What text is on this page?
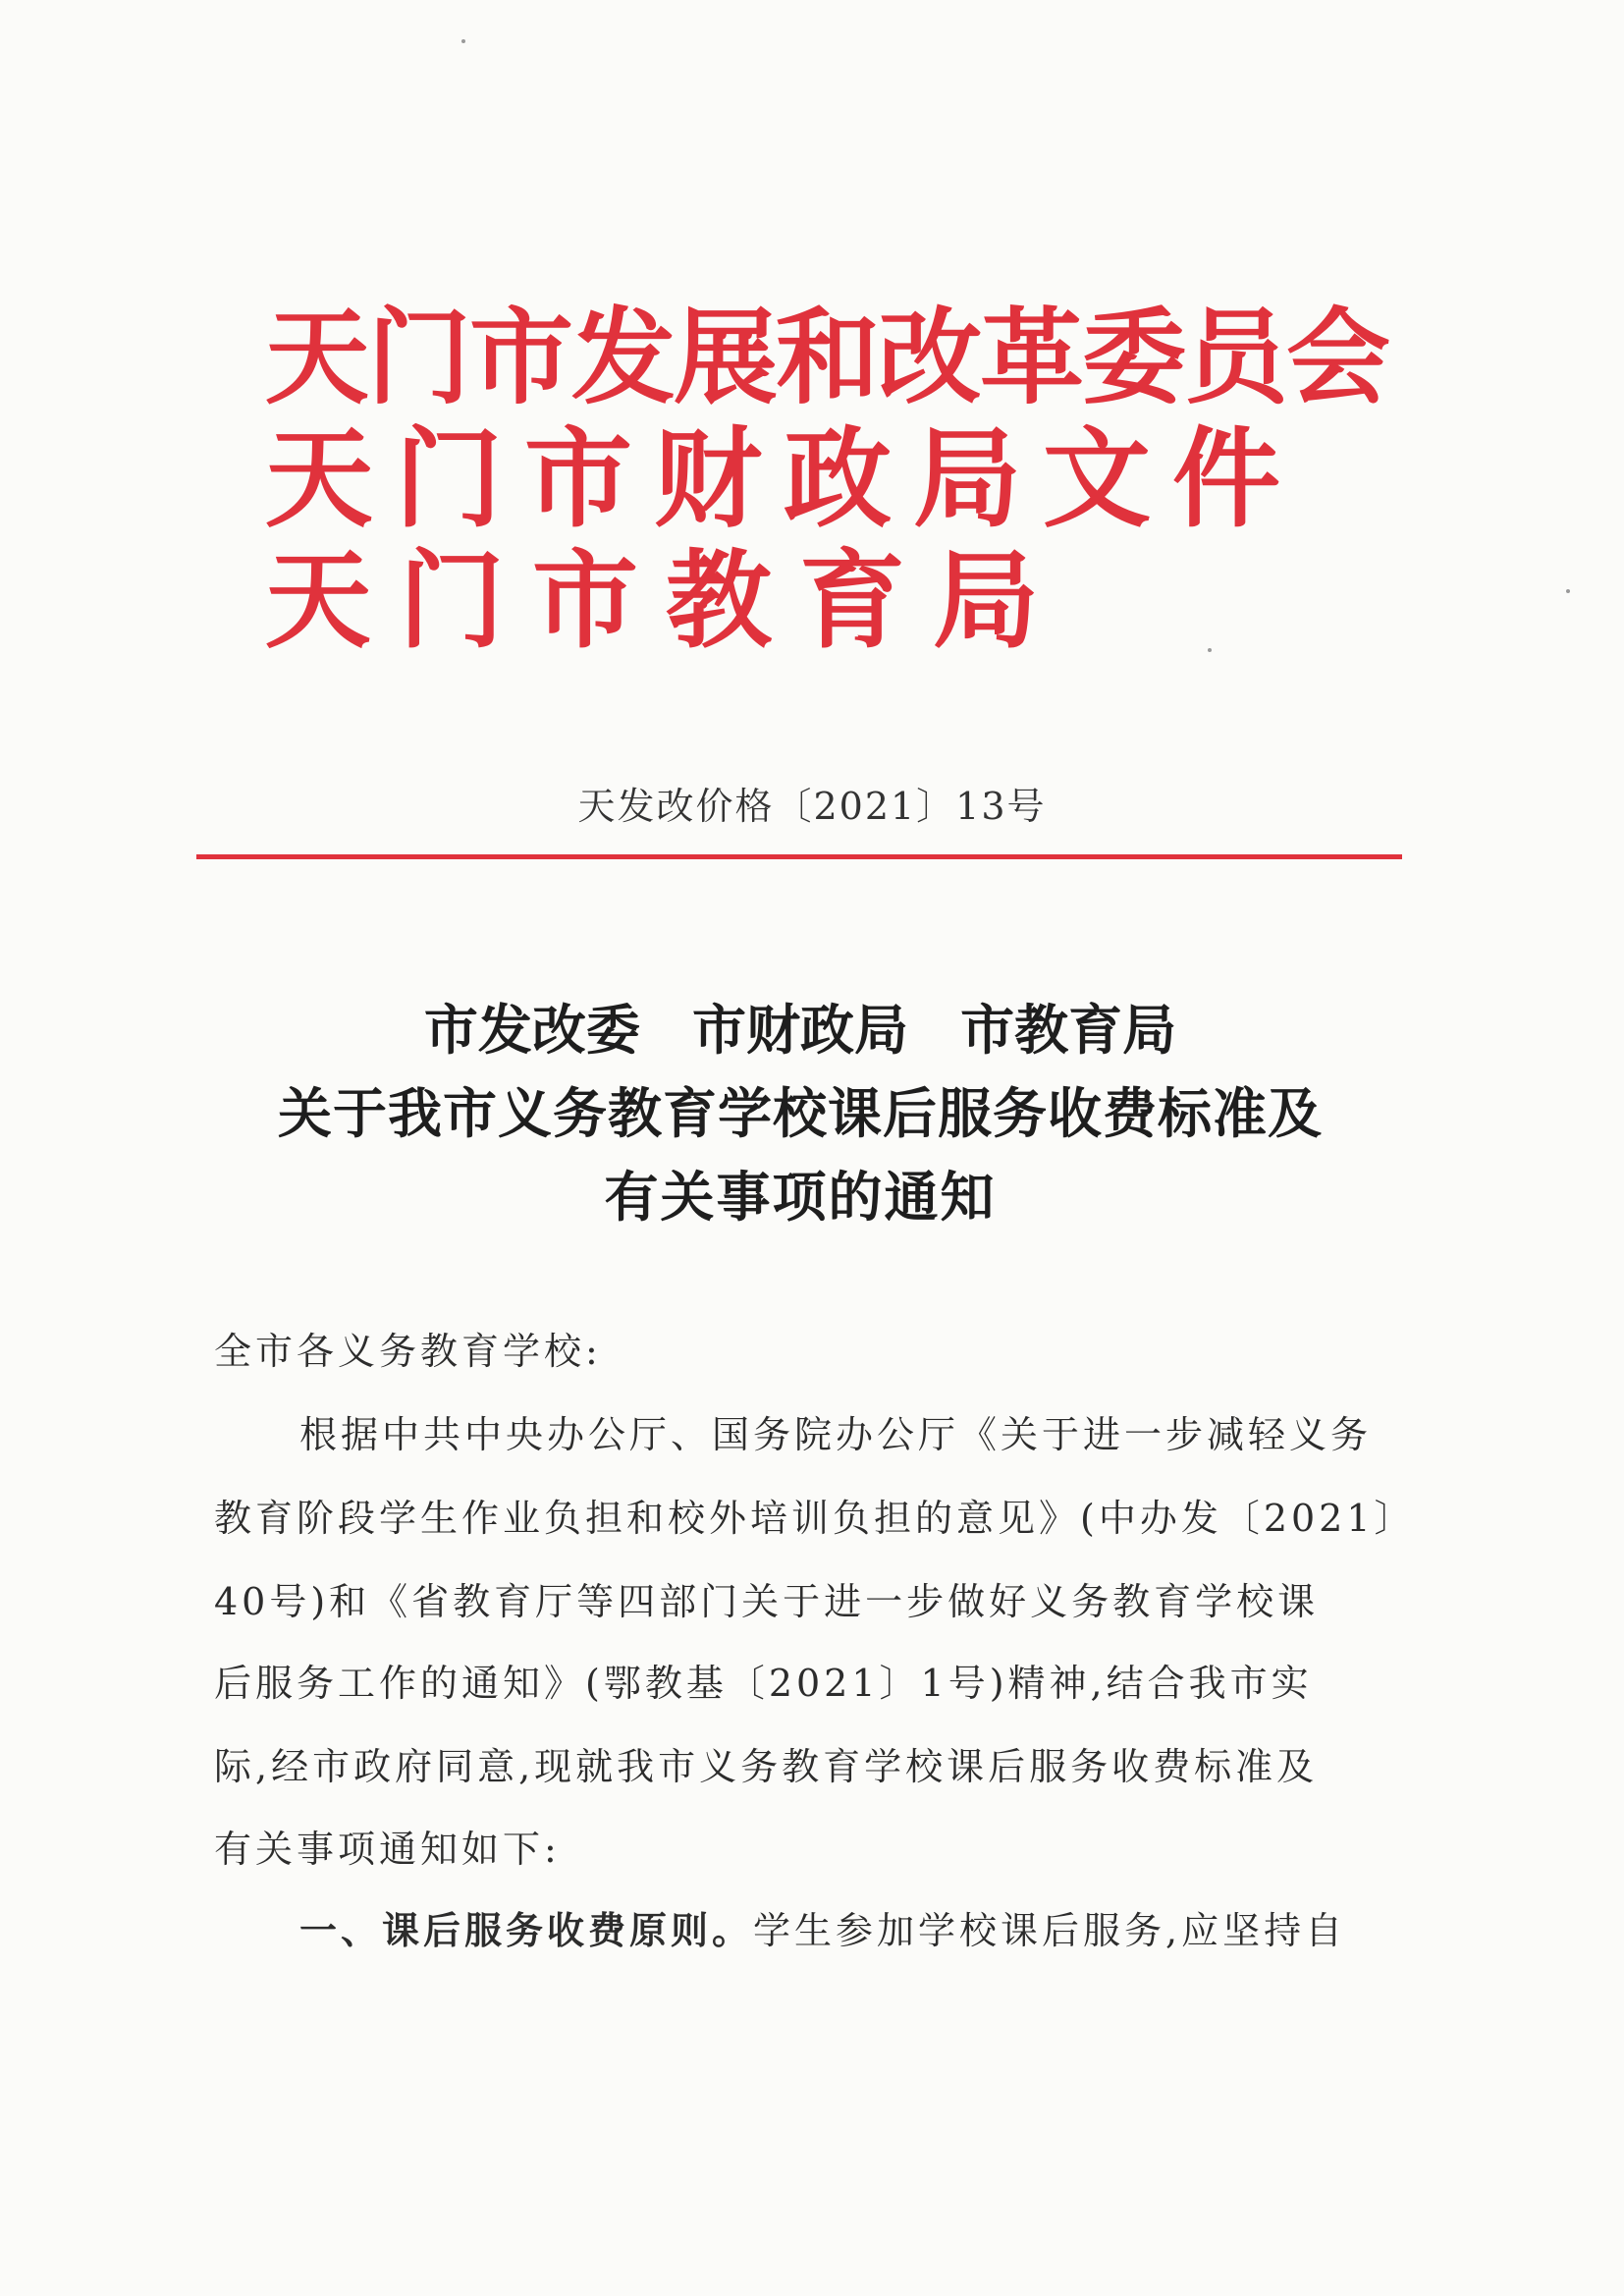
天门市发展和改革委员会
天门市财政局文件
天门市教育局
天发改价格〔2021〕13号
市发改委 市财政局 市教育局
关于我市义务教育学校课后服务收费标准及
有关事项的通知
全市各义务教育学校:
根据中共中央办公厅、国务院办公厅《关于进一步减轻义务
教育阶段学生作业负担和校外培训负担的意见》(中办发〔2021〕
40号)和《省教育厅等四部门关于进一步做好义务教育学校课
后服务工作的通知》(鄂教基〔2021〕1号)精神,结合我市实
际,经市政府同意,现就我市义务教育学校课后服务收费标准及
有关事项通知如下:
一、课后服务收费原则。学生参加学校课后服务,应坚持自
